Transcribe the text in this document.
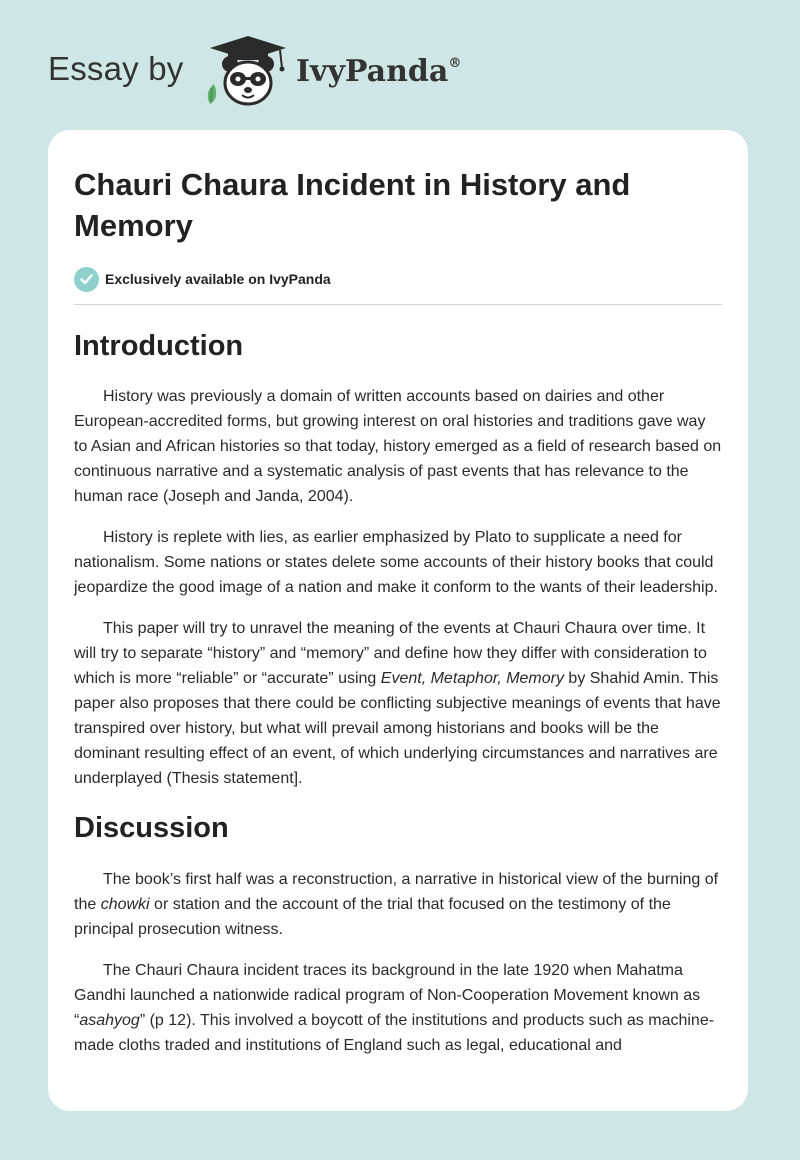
Essay by	IvyPanda®
Chauri Chaura Incident in History and Memory
Exclusively available on IvyPanda
Introduction

History was previously a domain of written accounts based on dairies and other European-accredited forms, but growing interest on oral histories and traditions gave way to Asian and African histories so that today, history emerged as a field of research based on continuous narrative and a systematic analysis of past events that has relevance to the human race (Joseph and Janda, 2004).

History is replete with lies, as earlier emphasized by Plato to supplicate a need for nationalism. Some nations or states delete some accounts of their history books that could jeopardize the good image of a nation and make it conform to the wants of their leadership.

This paper will try to unravel the meaning of the events at Chauri Chaura over time. It will try to separate “history” and “memory” and define how they differ with consideration to which is more “reliable” or “accurate” using Event, Metaphor, Memory by Shahid Amin. This paper also proposes that there could be conflicting subjective meanings of events that have transpired over history, but what will prevail among historians and books will be the dominant resulting effect of an event, of which underlying circumstances and narratives are underplayed (Thesis statement].

Discussion

The book’s first half was a reconstruction, a narrative in historical view of the burning of the chowki or station and the account of the trial that focused on the testimony of the principal prosecution witness.

The Chauri Chaura incident traces its background in the late 1920 when Mahatma Gandhi launched a nationwide radical program of Non-Cooperation Movement known as “asahyog” (p 12). This involved a boycott of the institutions and products such as machine-made cloths traded and institutions of England such as legal, educational and
